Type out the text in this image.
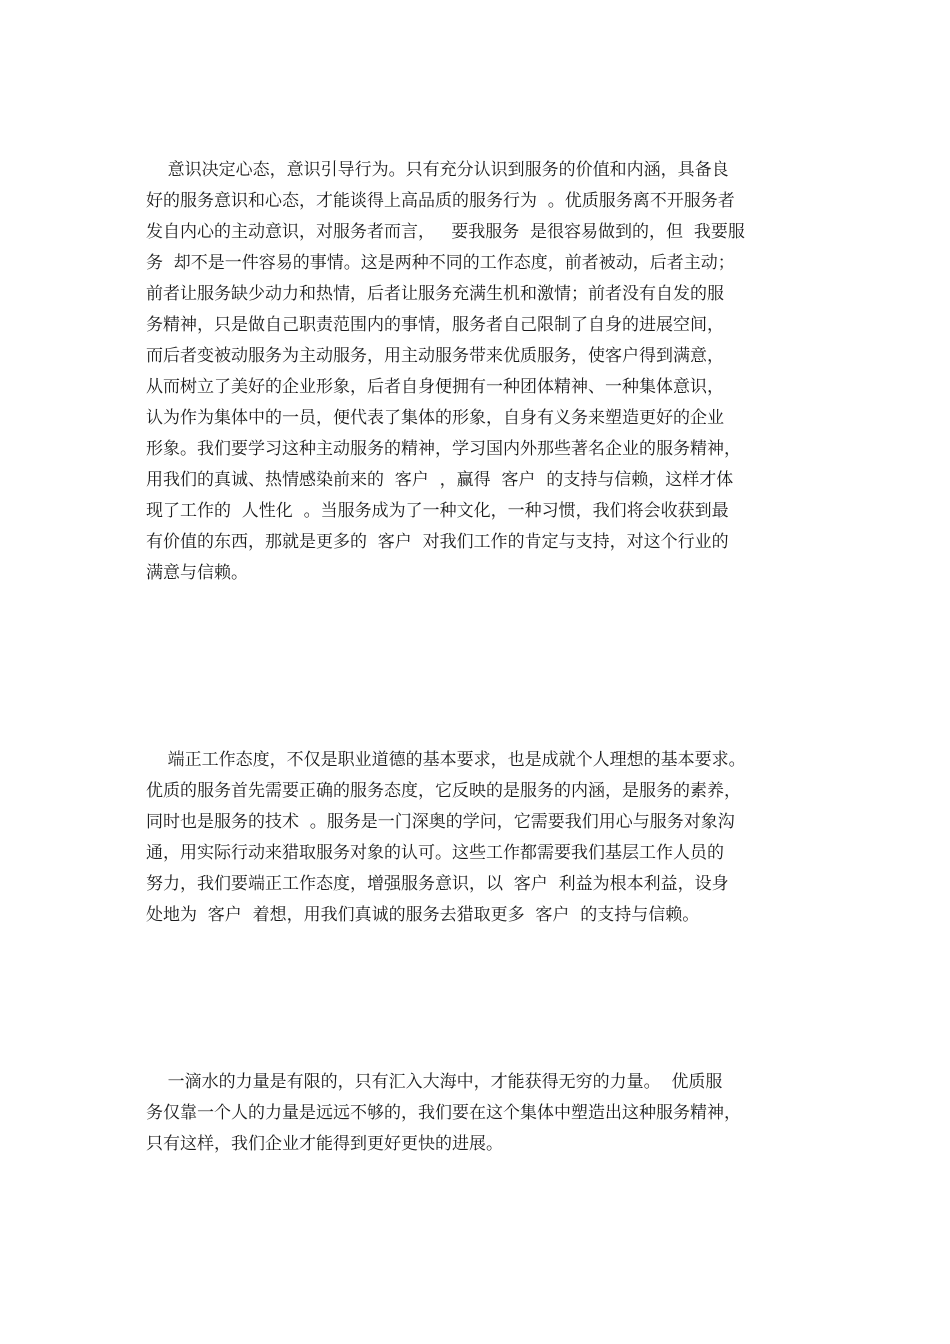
意识决定心态，意识引导行为。只有充分认识到服务的价值和内涵，具备良
好的服务意识和心态，才能谈得上高品质的服务行为  。优质服务离不开服务者
发自内心的主动意识，对服务者而言，   要我服务  是很容易做到的，但  我要服
务  却不是一件容易的事情。这是两种不同的工作态度，前者被动，后者主动；
前者让服务缺少动力和热情，后者让服务充满生机和激情；前者没有自发的服
务精神，只是做自己职责范围内的事情，服务者自己限制了自身的进展空间，
而后者变被动服务为主动服务，用主动服务带来优质服务，使客户得到满意，
从而树立了美好的企业形象，后者自身便拥有一种团体精神、一种集体意识，
认为作为集体中的一员，便代表了集体的形象，自身有义务来塑造更好的企业
形象。我们要学习这种主动服务的精神，学习国内外那些著名企业的服务精神，
用我们的真诚、热情感染前来的  客户  ，赢得  客户  的支持与信赖，这样才体
现了工作的  人性化  。当服务成为了一种文化，一种习惯，我们将会收获到最
有价值的东西，那就是更多的  客户  对我们工作的肯定与支持，对这个行业的
满意与信赖。
端正工作态度，不仅是职业道德的基本要求，也是成就个人理想的基本要求。
优质的服务首先需要正确的服务态度，它反映的是服务的内涵，是服务的素养，
同时也是服务的技术  。服务是一门深奥的学问，它需要我们用心与服务对象沟
通，用实际行动来猎取服务对象的认可。这些工作都需要我们基层工作人员的
努力，我们要端正工作态度，增强服务意识，以  客户  利益为根本利益，设身
处地为  客户  着想，用我们真诚的服务去猎取更多  客户  的支持与信赖。
一滴水的力量是有限的，只有汇入大海中，才能获得无穷的力量。  优质服
务仅靠一个人的力量是远远不够的，我们要在这个集体中塑造出这种服务精神，
只有这样，我们企业才能得到更好更快的进展。
